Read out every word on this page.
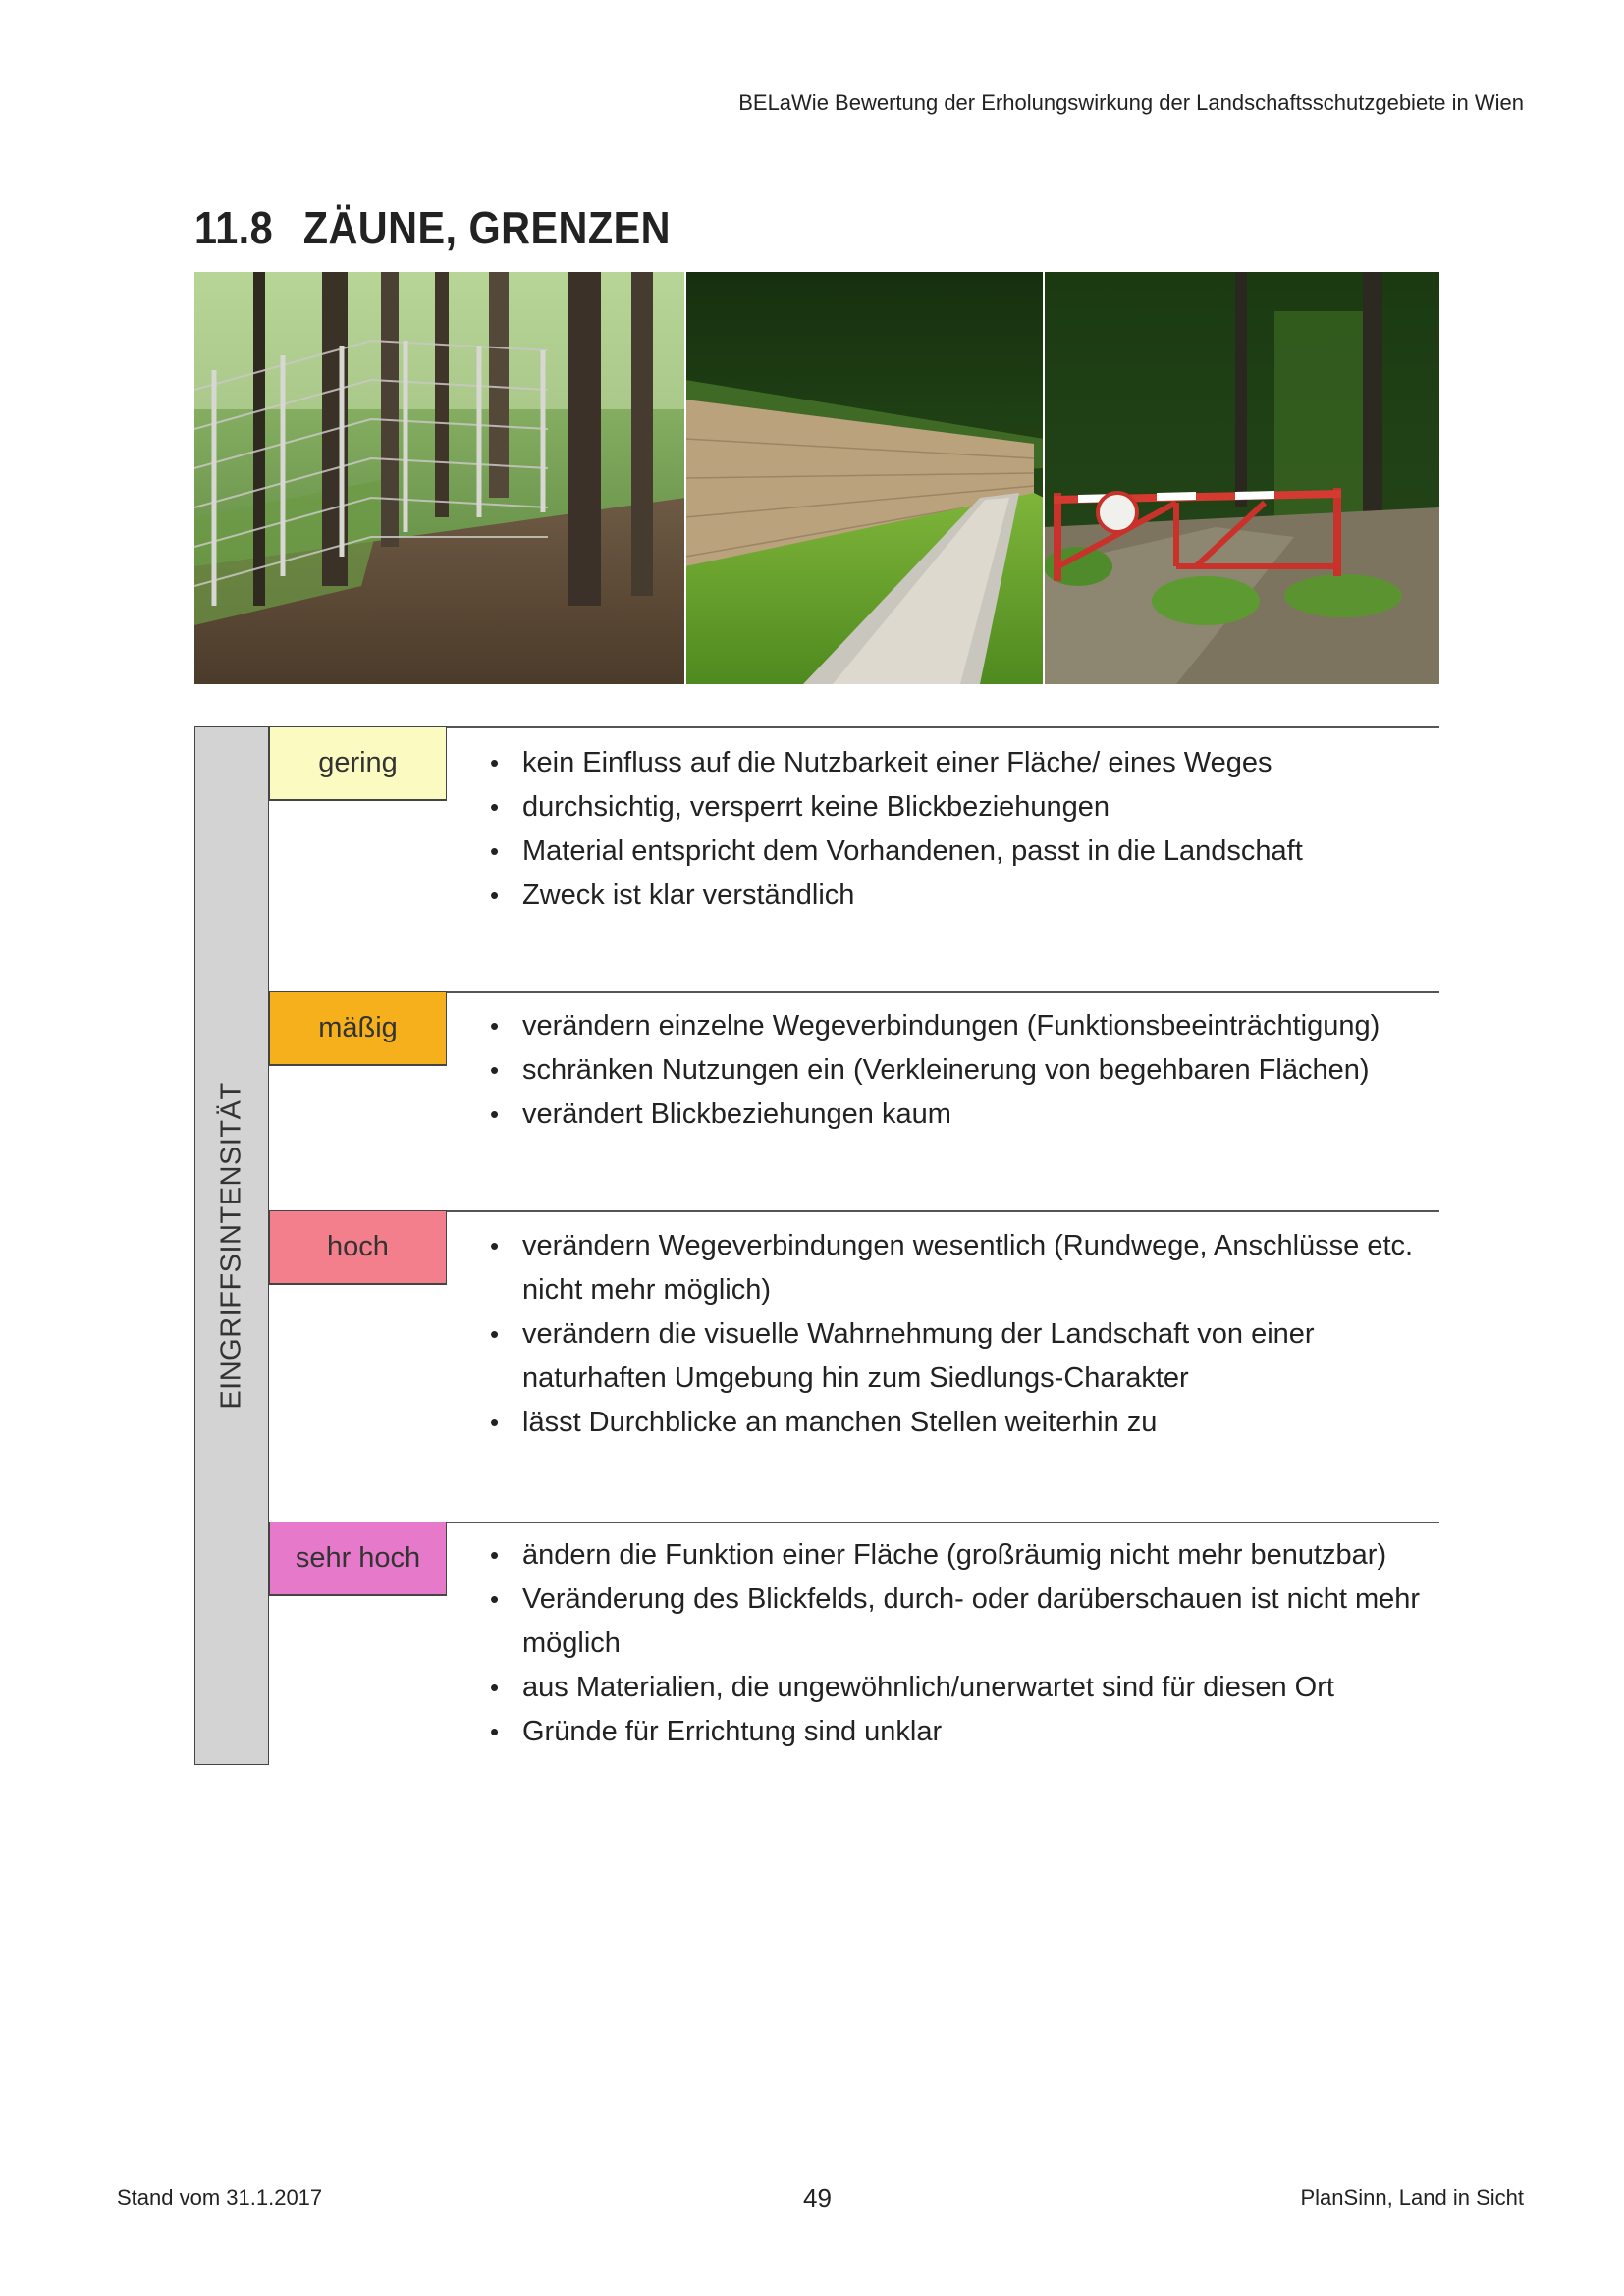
BELaWie Bewertung der Erholungswirkung der Landschaftsschutzgebiete in Wien
11.8 ZÄUNE, GRENZEN
EINGRIFFSINTENSITÄT
gering	• kein Einfluss auf die Nutzbarkeit einer Fläche/ eines Weges
• durchsichtig, versperrt keine Blickbeziehungen
• Material entspricht dem Vorhandenen, passt in die Landschaft
• Zweck ist klar verständlich
mäßig	• verändern einzelne Wegeverbindungen (Funktionsbeeinträchtigung)
• schränken Nutzungen ein (Verkleinerung von begehbaren Flächen)
• verändert Blickbeziehungen kaum
hoch	• verändern Wegeverbindungen wesentlich (Rundwege, Anschlüsse etc. nicht mehr möglich)
• verändern die visuelle Wahrnehmung der Landschaft von einer naturhaften Umgebung hin zum Siedlungs-Charakter
• lässt Durchblicke an manchen Stellen weiterhin zu
sehr hoch	• ändern die Funktion einer Fläche (großräumig nicht mehr benutzbar)
• Veränderung des Blickfelds, durch- oder darüberschauen ist nicht mehr möglich
• aus Materialien, die ungewöhnlich/unerwartet sind für diesen Ort
• Gründe für Errichtung sind unklar
Stand vom 31.1.2017	49	PlanSinn, Land in Sicht
